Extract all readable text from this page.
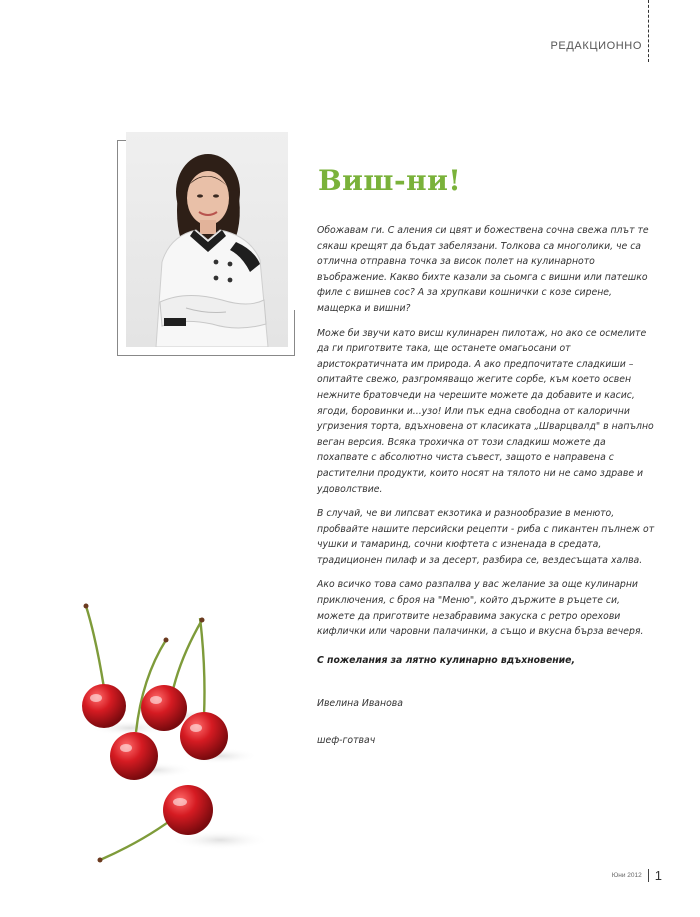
РЕДАКЦИОННО
Виш-ни!

Обожавам ги. С аления си цвят и божествена сочна свежа плът те сякаш крещят да бъдат забелязани. Толкова са многолики, че са отлична отправна точка за висок полет на кулинарното въображение. Какво бихте казали за сьомга с вишни или патешко филе с вишнев сос? А за хрупкави кошнички с козе сирене, мащерка и вишни?

Може би звучи като висш кулинарен пилотаж, но ако се осмелите да ги приготвите така, ще останете омагьосани от аристократичната им природа. А ако предпочитате сладкиши – опитайте свежо, разгромяващо жегите сорбе, към което освен нежните братовчеди на черешите можете да добавите и касис, ягоди, боровинки и...узо! Или пък една свободна от калорични угризения торта, вдъхновена от класиката „Шварцвалд" в напълно веган версия. Всяка трохичка от този сладкиш можете да похапвате с абсолютно чиста съвест, защото е направена с растителни продукти, които носят на тялото ни не само здраве и удоволствие.

В случай, че ви липсват екзотика и разнообразие в менюто, пробвайте нашите персийски рецепти - риба с пикантен пълнеж от чушки и тамаринд, сочни кюфтета с изненада в средата, традиционен пилаф и за десерт, разбира се, вездесъщата халва.

Ако всичко това само разпалва у вас желание за още кулинарни приключения, с броя на "Меню", който държите в ръцете си, можете да приготвите незабравима закуска с ретро орехови кифлички или чаровни палачинки, а също и вкусна бърза вечеря.

С пожелания за лятно кулинарно вдъхновение,
Ивелина Иванова
шеф-готвач
Юни 2012 1
